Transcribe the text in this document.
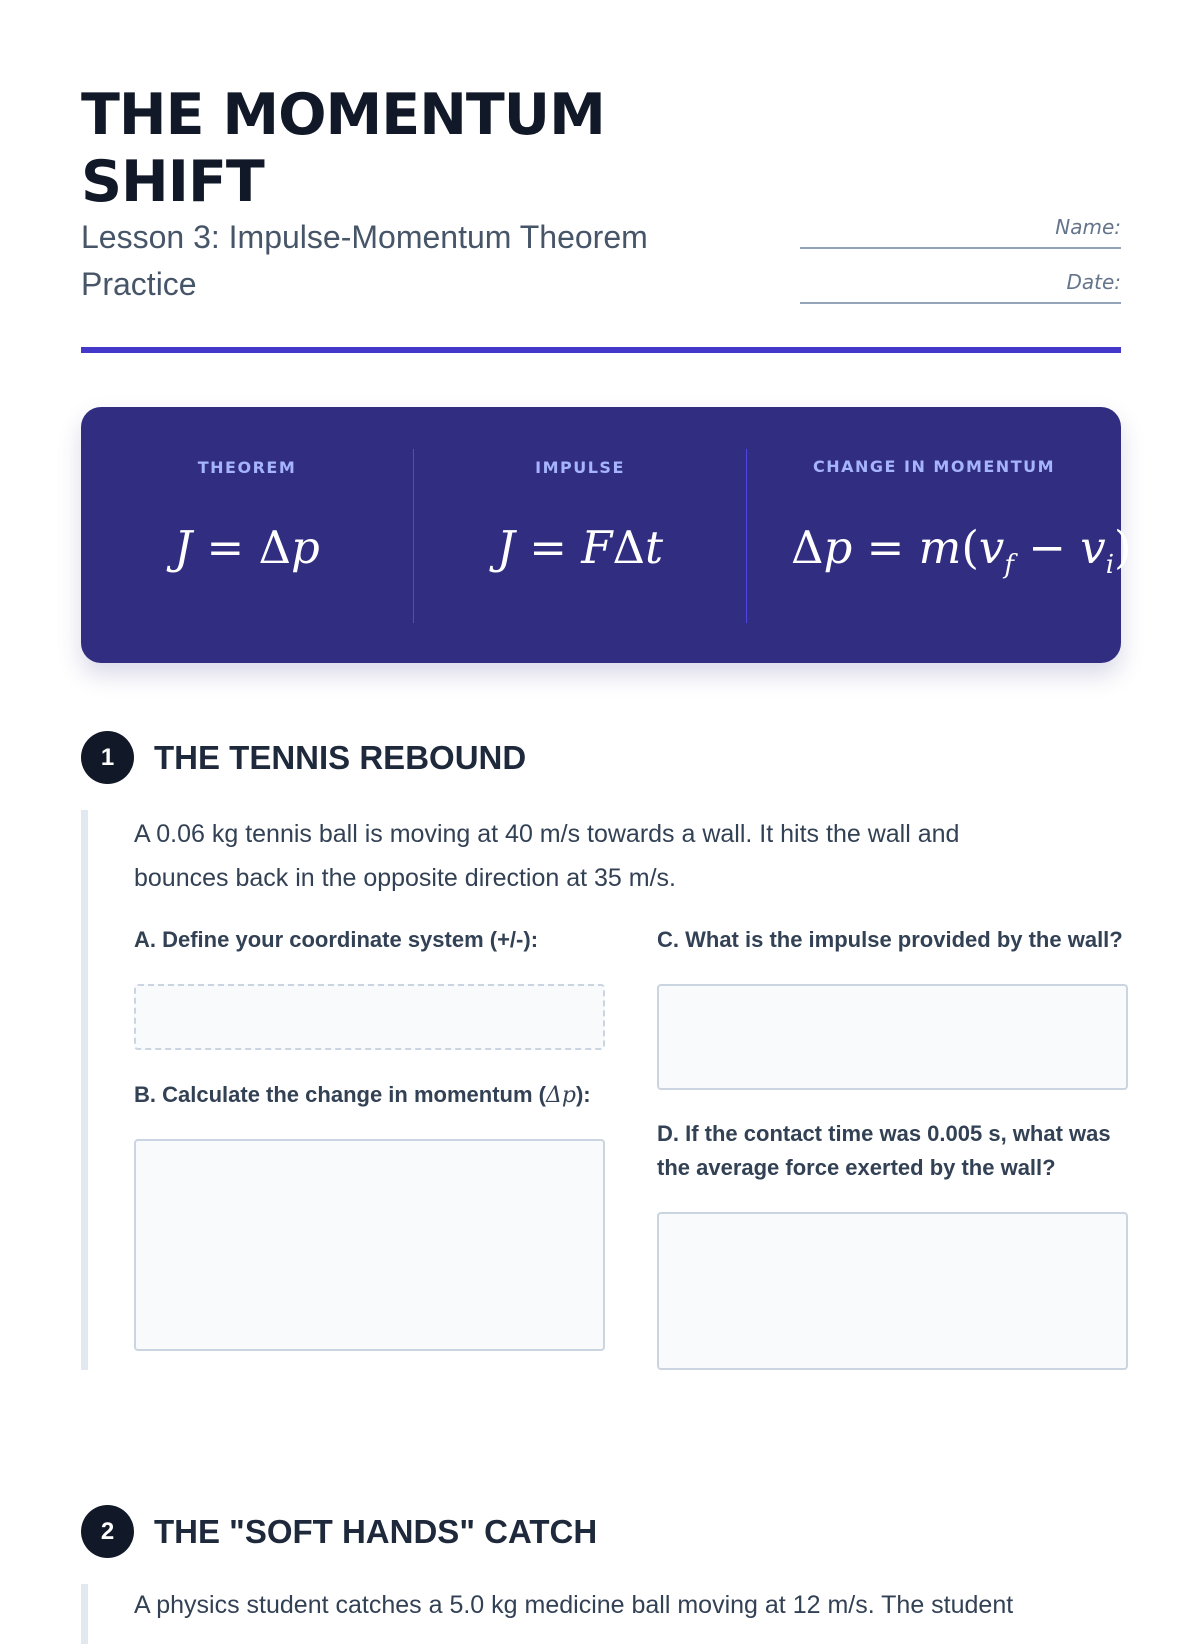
THE MOMENTUM SHIFT
Lesson 3: Impulse-Momentum Theorem Practice
Name:
Date:
THEOREM
J = Δp
IMPULSE
J = FΔt
CHANGE IN MOMENTUM
$\Delta p = m(v_f - v_i)$
1	THE TENNIS REBOUND

A 0.06 kg tennis ball is moving at 40 m/s towards a wall. It hits the wall and bounces back in the opposite direction at 35 m/s.

A. Define your coordinate system (+/-):
B. Calculate the change in momentum (Δp):
C. What is the impulse provided by the wall?
D. If the contact time was 0.005 s, what was the average force exerted by the wall?
2	THE "SOFT HANDS" CATCH

A physics student catches a 5.0 kg medicine ball moving at 12 m/s. The student
